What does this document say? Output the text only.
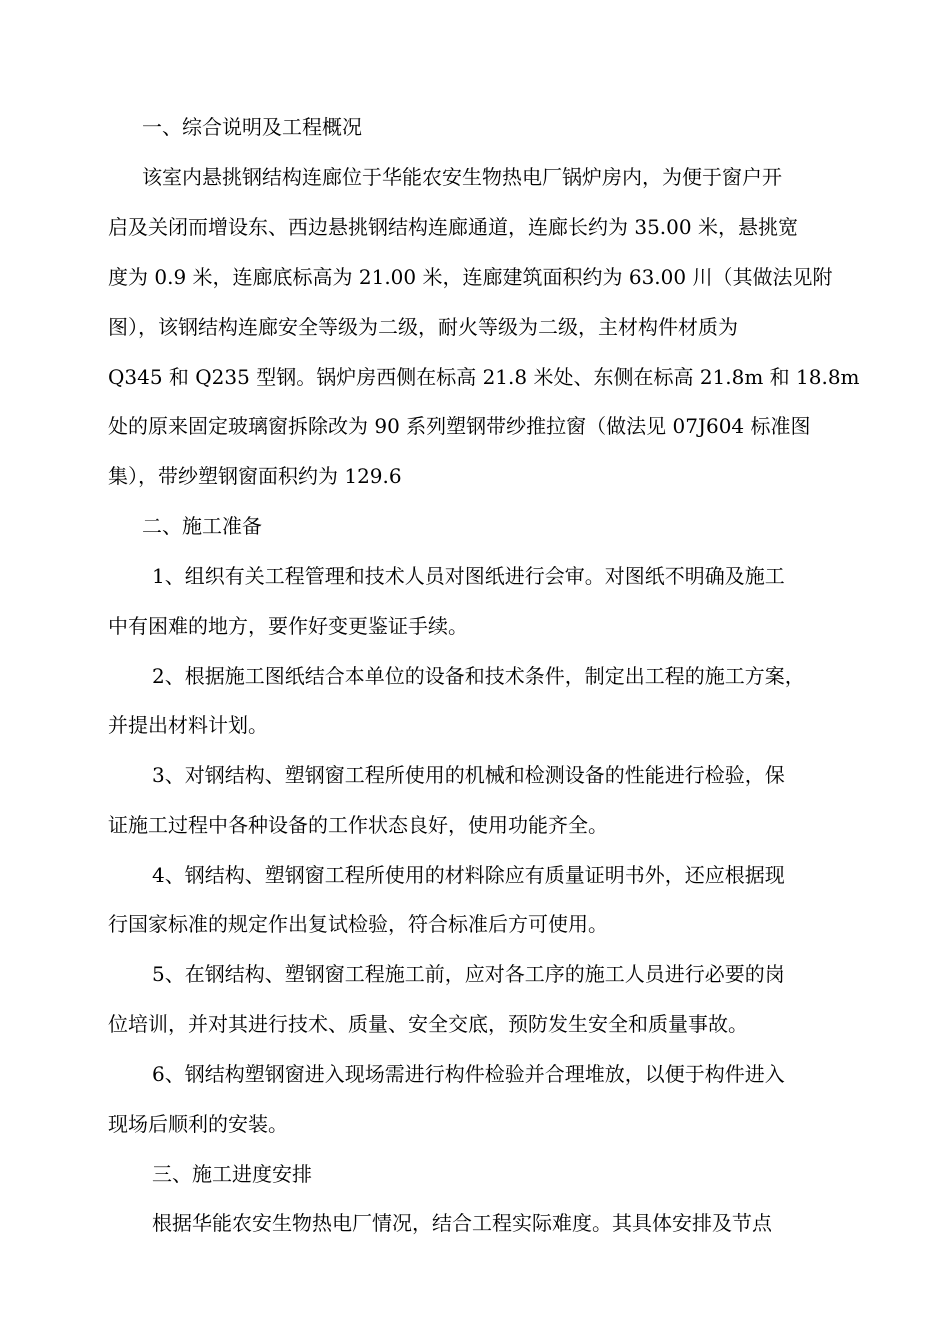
一、综合说明及工程概况
该室内悬挑钢结构连廊位于华能农安生物热电厂锅炉房内，为便于窗户开
启及关闭而增设东、西边悬挑钢结构连廊通道，连廊长约为 35.00 米，悬挑宽
度为 0.9 米，连廊底标高为 21.00 米，连廊建筑面积约为 63.00 川（其做法见附
图），该钢结构连廊安全等级为二级，耐火等级为二级，主材构件材质为
Q345 和 Q235 型钢。锅炉房西侧在标高 21.8 米处、东侧在标高 21.8m 和 18.8m
处的原来固定玻璃窗拆除改为 90 系列塑钢带纱推拉窗（做法见 07J604 标准图
集），带纱塑钢窗面积约为 129.6
二、施工准备
1、组织有关工程管理和技术人员对图纸进行会审。对图纸不明确及施工
中有困难的地方，要作好变更鉴证手续。
2、根据施工图纸结合本单位的设备和技术条件，制定出工程的施工方案，
并提出材料计划。
3、对钢结构、塑钢窗工程所使用的机械和检测设备的性能进行检验，保
证施工过程中各种设备的工作状态良好，使用功能齐全。
4、钢结构、塑钢窗工程所使用的材料除应有质量证明书外，还应根据现
行国家标准的规定作出复试检验，符合标准后方可使用。
5、在钢结构、塑钢窗工程施工前，应对各工序的施工人员进行必要的岗
位培训，并对其进行技术、质量、安全交底，预防发生安全和质量事故。
6、钢结构塑钢窗进入现场需进行构件检验并合理堆放，以便于构件进入
现场后顺利的安装。
三、施工进度安排
根据华能农安生物热电厂情况，结合工程实际难度。其具体安排及节点
